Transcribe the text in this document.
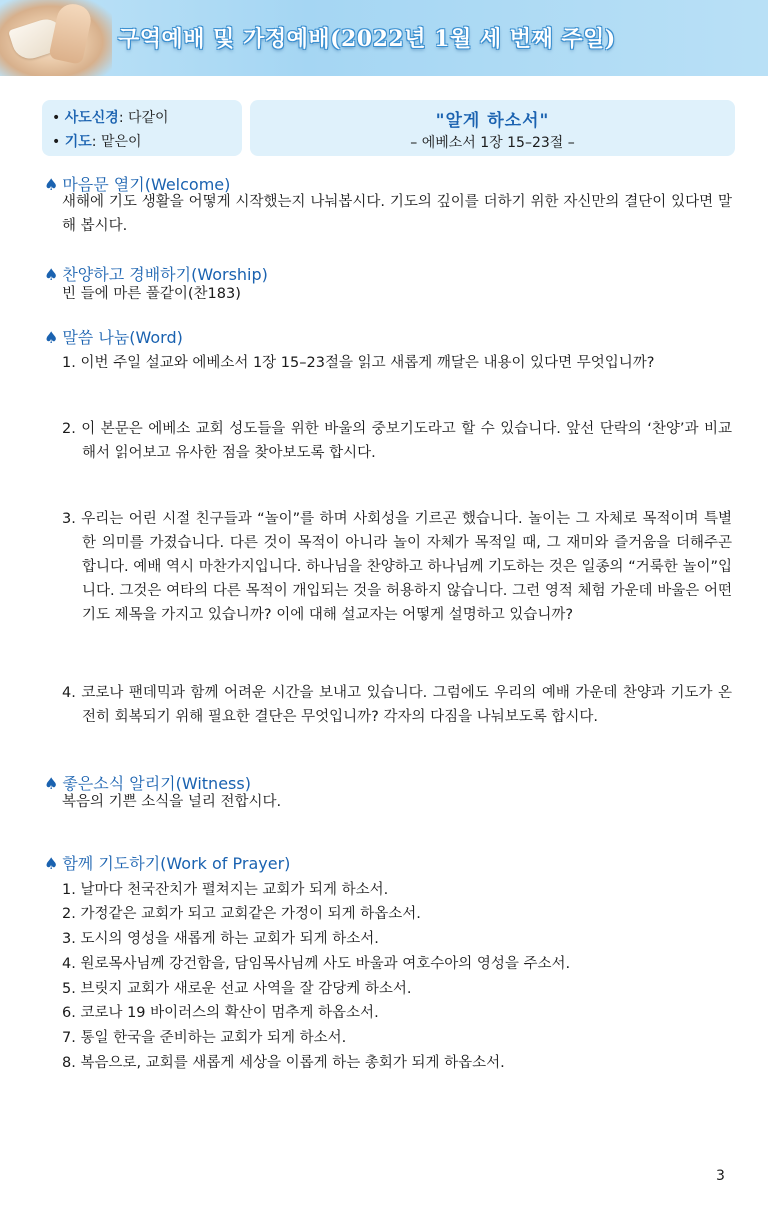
구역예배 및 가정예배(2022년 1월 세 번째 주일)
• 사도신경: 다같이
• 기도: 맡은이
"알게 하소서"
– 에베소서 1장 15–23절 –
♠ 마음문 열기(Welcome)
새해에 기도 생활을 어떻게 시작했는지 나눠봅시다. 기도의 깊이를 더하기 위한 자신만의 결단이 있다면 말해 봅시다.
♠ 찬양하고 경배하기(Worship)
빈 들에 마른 풀같이(찬183)
♠ 말씀 나눔(Word)
1. 이번 주일 설교와 에베소서 1장 15–23절을 읽고 새롭게 깨달은 내용이 있다면 무엇입니까?
2. 이 본문은 에베소 교회 성도들을 위한 바울의 중보기도라고 할 수 있습니다. 앞선 단락의 ‘찬양’과 비교해서 읽어보고 유사한 점을 찾아보도록 합시다.
3. 우리는 어린 시절 친구들과 “놀이”를 하며 사회성을 기르곤 했습니다. 놀이는 그 자체로 목적이며 특별한 의미를 가졌습니다. 다른 것이 목적이 아니라 놀이 자체가 목적일 때, 그 재미와 즐거움을 더해주곤 합니다. 예배 역시 마찬가지입니다. 하나님을 찬양하고 하나님께 기도하는 것은 일종의 “거룩한 놀이”입니다. 그것은 여타의 다른 목적이 개입되는 것을 허용하지 않습니다. 그런 영적 체험 가운데 바울은 어떤 기도 제목을 가지고 있습니까? 이에 대해 설교자는 어떻게 설명하고 있습니까?
4. 코로나 팬데믹과 함께 어려운 시간을 보내고 있습니다. 그럼에도 우리의 예배 가운데 찬양과 기도가 온전히 회복되기 위해 필요한 결단은 무엇입니까? 각자의 다짐을 나눠보도록 합시다.
♠ 좋은소식 알리기(Witness)
복음의 기쁜 소식을 널리 전합시다.
♠ 함께 기도하기(Work of Prayer)
1. 날마다 천국잔치가 펼쳐지는 교회가 되게 하소서.
2. 가정같은 교회가 되고 교회같은 가정이 되게 하옵소서.
3. 도시의 영성을 새롭게 하는 교회가 되게 하소서.
4. 원로목사님께 강건함을, 담임목사님께 사도 바울과 여호수아의 영성을 주소서.
5. 브릿지 교회가 새로운 선교 사역을 잘 감당케 하소서.
6. 코로나 19 바이러스의 확산이 멈추게 하옵소서.
7. 통일 한국을 준비하는 교회가 되게 하소서.
8. 복음으로, 교회를 새롭게 세상을 이롭게 하는 총회가 되게 하옵소서.
3
